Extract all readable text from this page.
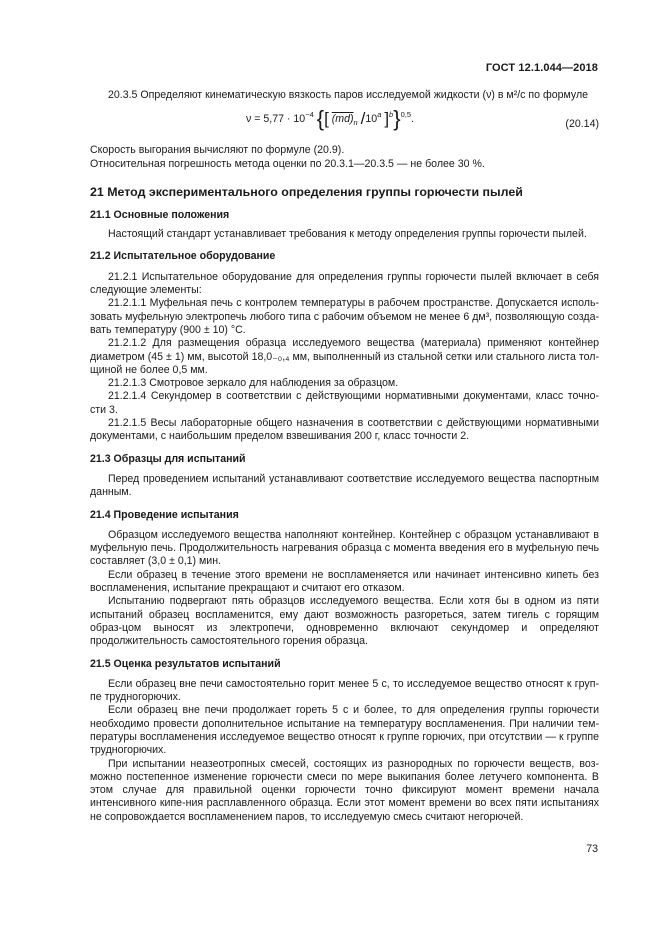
ГОСТ 12.1.044—2018

20.3.5 Определяют кинематическую вязкость паров исследуемой жидкости (ν) в м²/с по формуле

$\nu = 5,77 \cdot 10^{-4}$ {[ $(md)_n$ /10$^a$ ]$^b$}$^{0,5}$.	(20.14)

Скорость выгорания вычисляют по формуле (20.9).

Относительная погрешность метода оценки по 20.3.1—20.3.5 — не более 30 %.

21 Метод экспериментального определения группы горючести пылей
21.1 Основные положения

Настоящий стандарт устанавливает требования к методу определения группы горючести пылей.

21.2 Испытательное оборудование

21.2.1 Испытательное оборудование для определения группы горючести пылей включает в себя следующие элементы:

21.2.1.1 Муфельная печь с контролем температуры в рабочем пространстве. Допускается исполь-зовать муфельную электропечь любого типа с рабочим объемом не менее 6 дм³, позволяющую созда-вать температуру (900 ± 10) °C.

21.2.1.2 Для размещения образца исследуемого вещества (материала) применяют контейнер диаметром (45 ± 1) мм, высотой 18,0₋₀,₄ мм, выполненный из стальной сетки или стального листа тол-щиной не более 0,5 мм.

21.2.1.3 Смотровое зеркало для наблюдения за образцом.

21.2.1.4 Секундомер в соответствии с действующими нормативными документами, класс точно-сти 3.

21.2.1.5 Весы лабораторные общего назначения в соответствии с действующими нормативными документами, с наибольшим пределом взвешивания 200 г, класс точности 2.

21.3 Образцы для испытаний

Перед проведением испытаний устанавливают соответствие исследуемого вещества паспортным данным.

21.4 Проведение испытания

Образцом исследуемого вещества наполняют контейнер. Контейнер с образцом устанавливают в муфельную печь. Продолжительность нагревания образца с момента введения его в муфельную печь составляет (3,0 ± 0,1) мин.

Если образец в течение этого времени не воспламеняется или начинает интенсивно кипеть без воспламенения, испытание прекращают и считают его отказом.

Испытанию подвергают пять образцов исследуемого вещества. Если хотя бы в одном из пяти испытаний образец воспламенится, ему дают возможность разгореться, затем тигель с горящим образ-цом выносят из электропечи, одновременно включают секундомер и определяют продолжительность самостоятельного горения образца.

21.5 Оценка результатов испытаний

Если образец вне печи самостоятельно горит менее 5 с, то исследуемое вещество относят к груп-пе трудногорючих.

Если образец вне печи продолжает гореть 5 с и более, то для определения группы горючести необходимо провести дополнительное испытание на температуру воспламенения. При наличии тем-пературы воспламенения исследуемое вещество относят к группе горючих, при отсутствии — к группе трудногорючих.

При испытании неазеотропных смесей, состоящих из разнородных по горючести веществ, воз-можно постепенное изменение горючести смеси по мере выкипания более летучего компонента. В этом случае для правильной оценки горючести точно фиксируют момент времени начала интенсивного кипе-ния расплавленного образца. Если этот момент времени во всех пяти испытаниях не сопровождается воспламенением паров, то исследуемую смесь считают негорючей.

73
